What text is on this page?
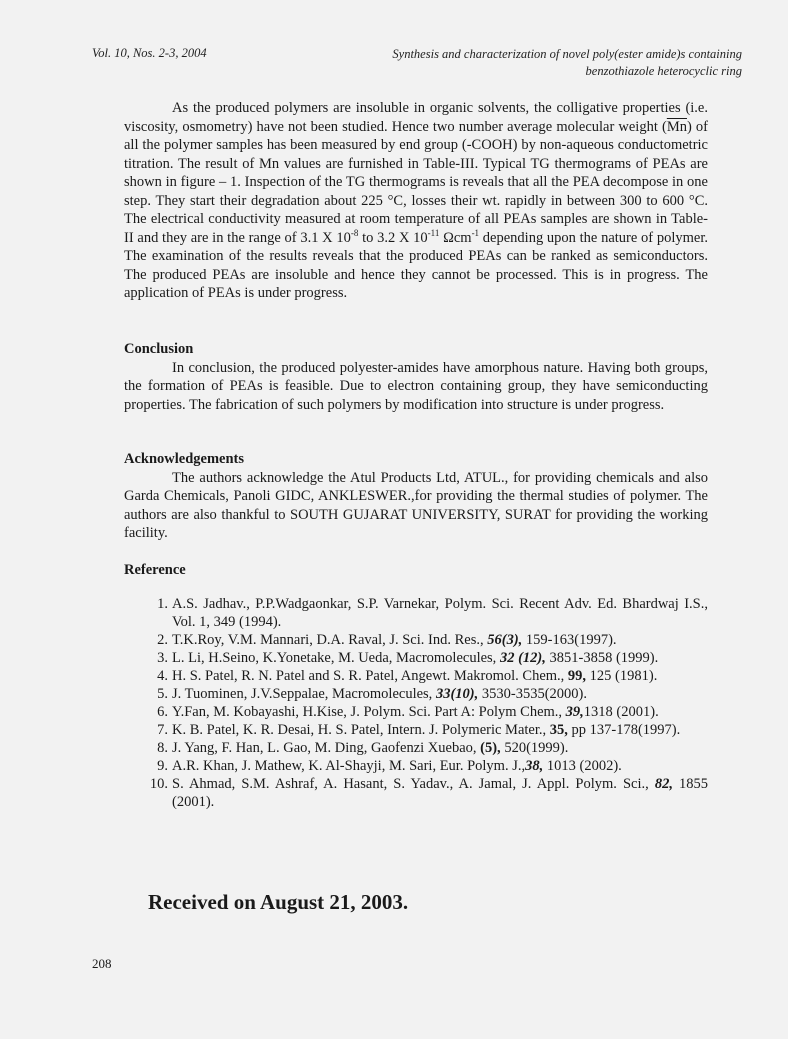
Vol. 10, Nos. 2-3, 2004	Synthesis and characterization of novel poly(ester amide)s containing
benzothiazole heterocyclic ring
As the produced polymers are insoluble in organic solvents, the colligative properties (i.e. viscosity, osmometry) have not been studied. Hence two number average molecular weight $(\overline{Mn})$ of all the polymer samples has been measured by end group (-COOH) by non-aqueous conductometric titration. The result of Mn values are furnished in Table-III. Typical TG thermograms of PEAs are shown in figure – 1. Inspection of the TG thermograms is reveals that all the PEA decompose in one step. They start their degradation about 225 °C, losses their wt. rapidly in between 300 to 600 °C. The electrical conductivity measured at room temperature of all PEAs samples are shown in Table-II and they are in the range of 3.1 X $10^{-8}$ to 3.2 X $10^{-11}$ Ωcm$^{-1}$ depending upon the nature of polymer. The examination of the results reveals that the produced PEAs can be ranked as semiconductors. The produced PEAs are insoluble and hence they cannot be processed. This is in progress. The application of PEAs is under progress.
Conclusion
In conclusion, the produced polyester-amides have amorphous nature. Having both groups, the formation of PEAs is feasible. Due to electron containing group, they have semiconducting properties. The fabrication of such polymers by modification into structure is under progress.
Acknowledgements
The authors acknowledge the Atul Products Ltd, ATUL., for providing chemicals and also Garda Chemicals, Panoli GIDC, ANKLESWER.,for providing the thermal studies of polymer. The authors are also thankful to SOUTH GUJARAT UNIVERSITY, SURAT for providing the working facility.
Reference
1. A.S. Jadhav., P.P.Wadgaonkar, S.P. Varnekar, Polym. Sci. Recent Adv. Ed. Bhardwaj I.S., Vol. 1, 349 (1994).
2. T.K.Roy, V.M. Mannari, D.A. Raval, J. Sci. Ind. Res., 56(3), 159-163(1997).
3. L. Li, H.Seino, K.Yonetake, M. Ueda, Macromolecules, 32 (12), 3851-3858 (1999).
4. H. S. Patel, R. N. Patel and S. R. Patel, Angewt. Makromol. Chem., 99, 125 (1981).
5. J. Tuominen, J.V.Seppalae, Macromolecules, 33(10), 3530-3535(2000).
6. Y.Fan, M. Kobayashi, H.Kise, J. Polym. Sci. Part A: Polym Chem., 39,1318 (2001).
7. K. B. Patel, K. R. Desai, H. S. Patel, Intern. J. Polymeric Mater., 35, pp 137-178(1997).
8. J. Yang, F. Han, L. Gao, M. Ding, Gaofenzi Xuebao, (5), 520(1999).
9. A.R. Khan, J. Mathew, K. Al-Shayji, M. Sari, Eur. Polym. J.,38, 1013 (2002).
10. S. Ahmad, S.M. Ashraf, A. Hasant, S. Yadav., A. Jamal, J. Appl. Polym. Sci., 82, 1855 (2001).
Received on August 21, 2003.
208
